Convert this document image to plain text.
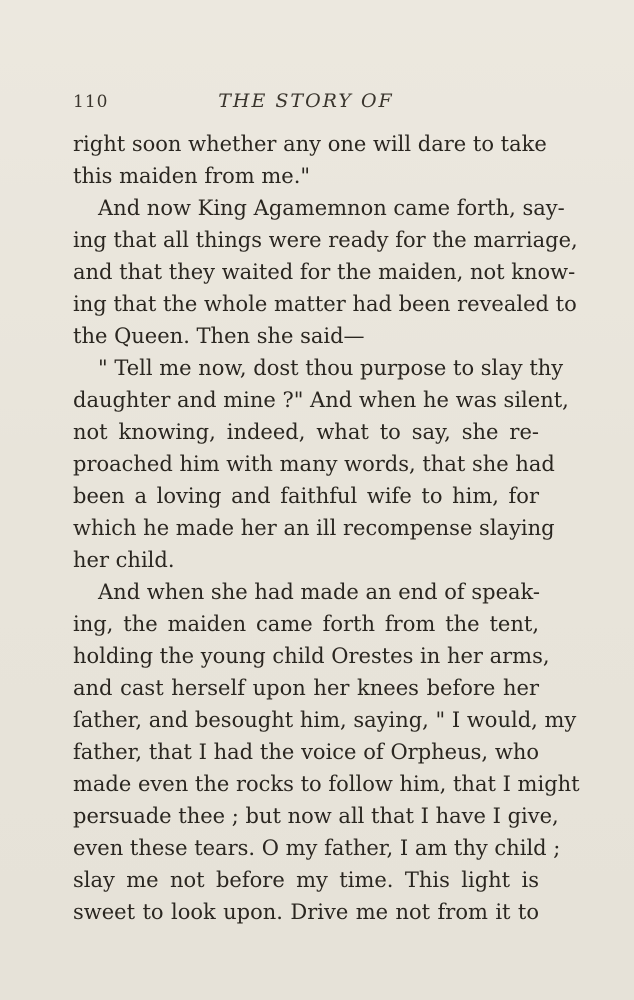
110	THE STORY OF
right soon whether any one will dare to take
this maiden from me."
And now King Agamemnon came forth, say-
ing that all things were ready for the marriage,
and that they waited for the maiden, not know-
ing that the whole matter had been revealed to
the Queen. Then she said—
" Tell me now, dost thou purpose to slay thy
daughter and mine ?" And when he was silent,
not knowing, indeed, what to say, she re-
proached him with many words, that she had
been a loving and faithful wife to him, for
which he made her an ill recompense slaying
her child.
And when she had made an end of speak-
ing, the maiden came forth from the tent,
holding the young child Orestes in her arms,
and cast herself upon her knees before her
ſather, and besought him, saying, " I would, my
father, that I had the voice of Orpheus, who
made even the rocks to follow him, that I might
persuade thee ; but now all that I have I give,
even these tears. O my father, I am thy child ;
slay me not before my time. This light is
sweet to look upon. Drive me not from it to
